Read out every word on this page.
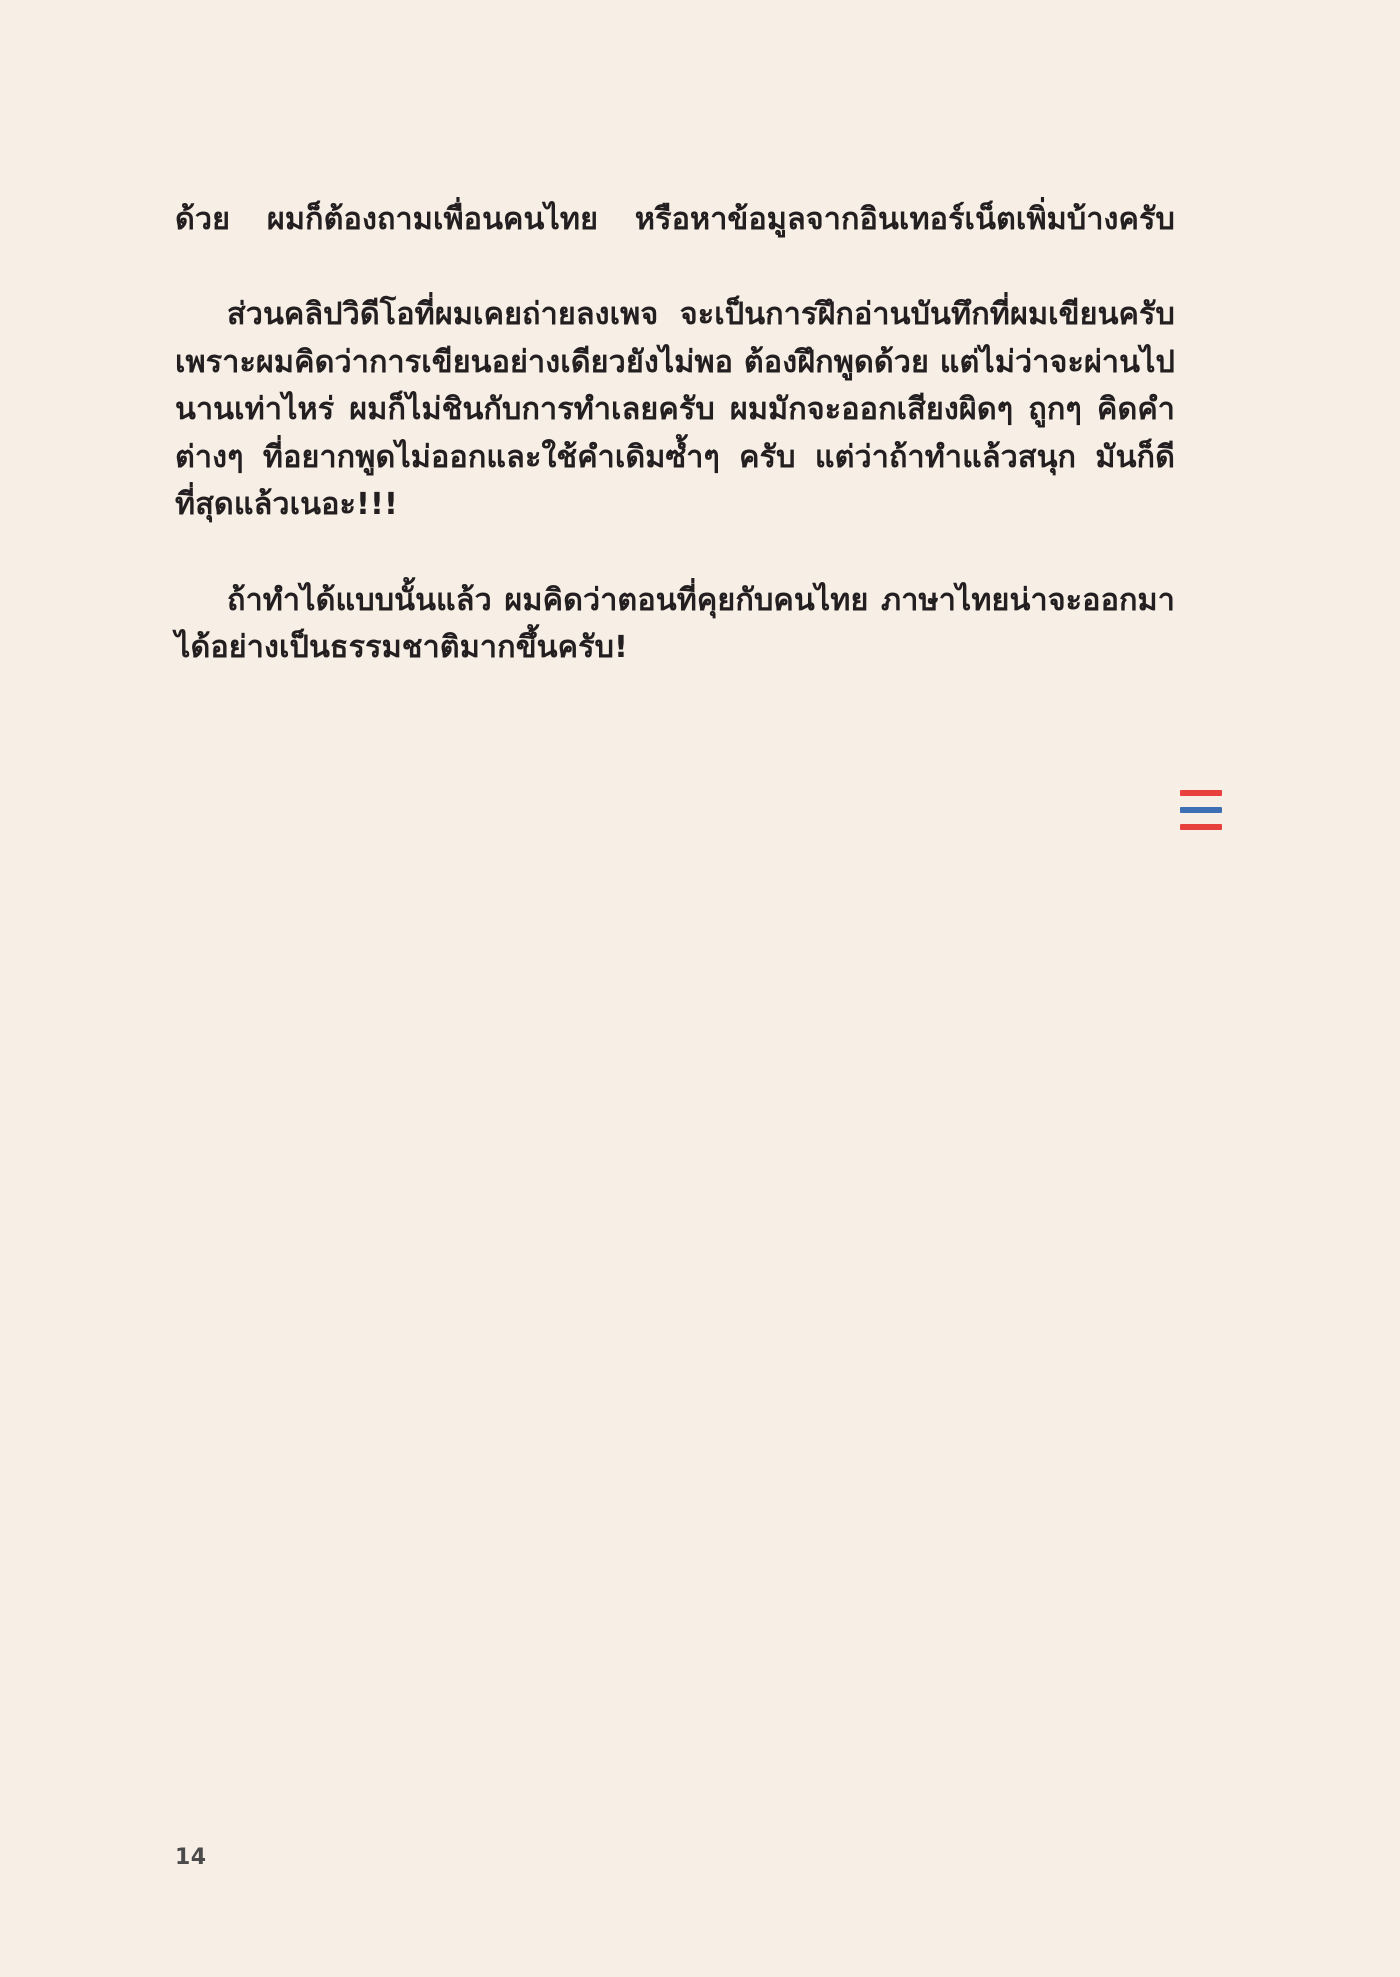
ด้วย ผมก็ต้องถามเพื่อนคนไทย หรือหาข้อมูลจากอินเทอร์เน็ตเพิ่มบ้างครับ

ส่วนคลิปวิดีโอที่ผมเคยถ่ายลงเพจ จะเป็นการฝึกอ่านบันทึกที่ผมเขียนครับ เพราะผมคิดว่าการเขียนอย่างเดียวยังไม่พอ ต้องฝึกพูดด้วย แต่ไม่ว่าจะผ่านไปนานเท่าไหร่ ผมก็ไม่ชินกับการทำเลยครับ ผมมักจะออกเสียงผิดๆ ถูกๆ คิดคำต่างๆ ที่อยากพูดไม่ออกและใช้คำเดิมซ้ำๆ ครับ แต่ว่าถ้าทำแล้วสนุก มันก็ดีที่สุดแล้วเนอะ!!!

ถ้าทำได้แบบนั้นแล้ว ผมคิดว่าตอนที่คุยกับคนไทย ภาษาไทยน่าจะออกมาได้อย่างเป็นธรรมชาติมากขึ้นครับ!

14
